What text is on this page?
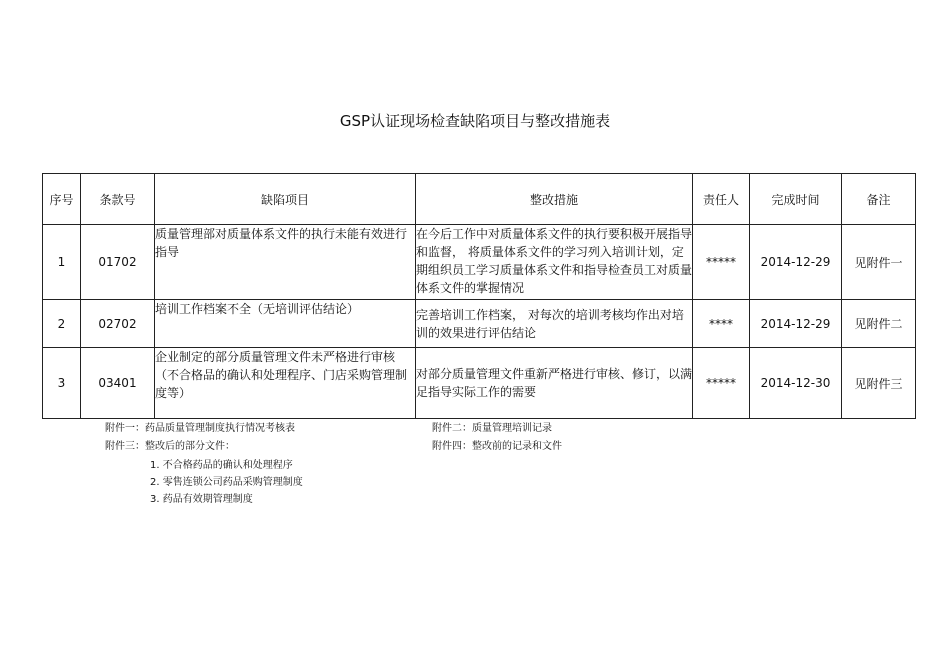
GSP认证现场检查缺陷项目与整改措施表
序号	条款号	缺陷项目	整改措施	责任人	完成时间	备注
1	01702	质量管理部对质量体系文件的执行未能有效进行指导	在今后工作中对质量体系文件的执行要积极开展指导和监督， 将质量体系文件的学习列入培训计划，定期组织员工学习质量体系文件和指导检查员工对质量体系文件的掌握情况	*****	2014-12-29	见附件一
2	02702	培训工作档案不全（无培训评估结论）	完善培训工作档案， 对每次的培训考核均作出对培训的效果进行评估结论	****	2014-12-29	见附件二
3	03401	企业制定的部分质量管理文件未严格进行审核（不合格品的确认和处理程序、门店采购管理制度等）	对部分质量管理文件重新严格进行审核、修订，以满足指导实际工作的需要	*****	2014-12-30	见附件三
附件一：药品质量管理制度执行情况考核表	附件二：质量管理培训记录
附件三：整改后的部分文件：	附件四：整改前的记录和文件
1. 不合格药品的确认和处理程序
2. 零售连锁公司药品采购管理制度
3. 药品有效期管理制度
